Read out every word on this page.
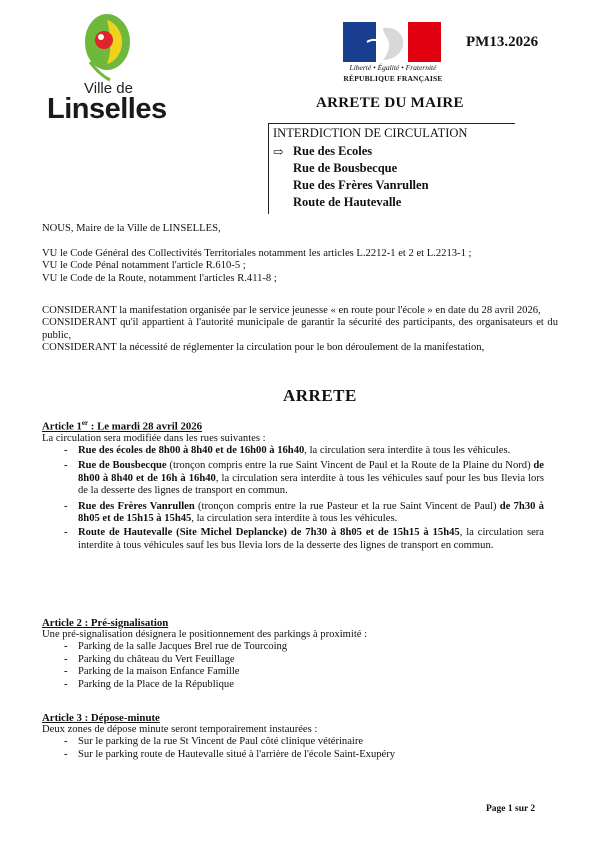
Ville de
Linselles
Liberté • Égalité • Fraternité
RÉPUBLIQUE FRANÇAISE
PM13.2026
ARRETE DU MAIRE
INTERDICTION DE CIRCULATION
⇨ Rue des Ecoles
Rue de Bousbecque
Rue des Frères Vanrullen
Route de Hautevalle

NOUS, Maire de la Ville de LINSELLES,

VU le Code Général des Collectivités Territoriales notamment les articles L.2212-1 et 2 et L.2213-1 ;

VU le Code Pénal notamment l'article R.610-5 ;

VU le Code de la Route, notamment l'articles R.411-8 ;

CONSIDERANT la manifestation organisée par le service jeunesse « en route pour l'école » en date du 28 avril 2026,

CONSIDERANT qu'il appartient à l'autorité municipale de garantir la sécurité des participants, des organisateurs et du public,

CONSIDERANT la nécessité de réglementer la circulation pour le bon déroulement de la manifestation,

ARRETE

Article 1er : Le mardi 28 avril 2026

La circulation sera modifiée dans les rues suivantes :

- Rue des écoles de 8h00 à 8h40 et de 16h00 à 16h40, la circulation sera interdite à tous les véhicules.
- Rue de Bousbecque (tronçon compris entre la rue Saint Vincent de Paul et la Route de la Plaine du Nord) de 8h00 à 8h40 et de 16h à 16h40, la circulation sera interdite à tous les véhicules sauf pour les bus Ilevia lors de la desserte des lignes de transport en commun.
- Rue des Frères Vanrullen (tronçon compris entre la rue Pasteur et la rue Saint Vincent de Paul) de 7h30 à 8h05 et de 15h15 à 15h45, la circulation sera interdite à tous les véhicules.
- Route de Hautevalle (Site Michel Deplancke) de 7h30 à 8h05 et de 15h15 à 15h45, la circulation sera interdite à tous véhicules sauf les bus Ilevia lors de la desserte des lignes de transport en commun.

Article 2 : Pré-signalisation

Une pré-signalisation désignera le positionnement des parkings à proximité :

- Parking de la salle Jacques Brel rue de Tourcoing
- Parking du château du Vert Feuillage
- Parking de la maison Enfance Famille
- Parking de la Place de la République

Article 3 : Dépose-minute

Deux zones de dépose minute seront temporairement instaurées :

- Sur le parking de la rue St Vincent de Paul côté clinique vétérinaire
- Sur le parking route de Hautevalle situé à l'arrière de l'école Saint-Exupéry
Page 1 sur 2
